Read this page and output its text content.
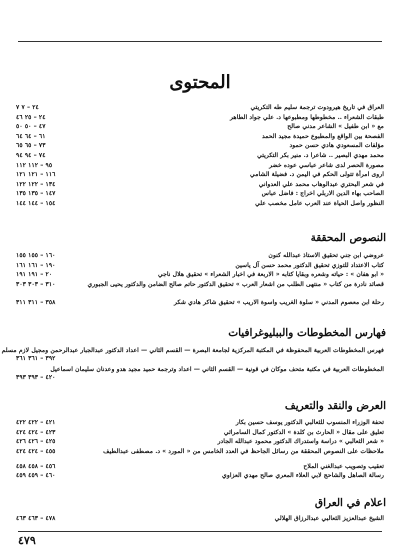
المحتوى
العراق في تاريخ هيرودوت ترجمة سليم طه التكريتي
٢٤ – ٧ ٧
طبقات الشعراء .. مخطوطها ومطبوعها د. علي جواد الطاهر
٢٤ – ٢٥ ٤٦
مع « ابن طفيل » الشاعر مدني صالح
٤٧ – ٥٠ ٥٠
الفصحة بين الواقع والمطبوع حميدة مجيد الحمد
٦١ – ٦٤ ٦٤
مؤلفات المسعودي هادي حسن حمود
٧٣ – ٦٥ ٦٥
محمد مهدي البصير .. شاعرا د. منير بكر التكريتي
٧٤ – ٩٤ ٩٤
مصورة الحصر لدى شاعر عباسي عوده خضر
٩٥ – ١١٢ ١١٢
اروى امرأة تتولى الحكم في اليمن د. فضيلة الشامي
١١٦ – ١٢١ ١٢١
في شعر البحتري عبدالوهاب محمد علي العدواني
١٣٤ – ١٢٢ ١٢٢
الصاحب بهاء الدين الاربلي اخراج : فاضل عباس
١٤٧ – ١٣٥ ١٣٥
النظور واصل الحياة عند العرب عامل مخصب علي
١٥٤ – ١٤٤ ١٤٤
النصوص المحققة
عروضي ابن جني تحقيق الاستاذ عبدالله كنون
١٦٠ – ١٥٥ ١٥٥
كتاب الاعتداد للتوزي تحقيق الدكتور محمد حسن آل ياسين
١٩٠ – ١٦١ ١٦١
« ابو هفان » : حياته وشعره وبقايا كتابه « الاربعة في اخبار الشعراء » تحقيق هلال ناجي
٢٠ – ١٩١ ١٩١
قصائد نادرة من كتاب « منتهى الطلب من اشعار العرب » تحقيق الدكتور حاتم صالح الضامن والدكتور يحيى الجبوري
٣١٠ – ٣٠٣ ٣٠٣
رحلة ابن معصوم المدني « سلوة الغريب واسوة الاريب » تحقيق شاكر هادي شكر
٣٥٨ – ٣١١ ٣١١
فهارس المخطوطات والببليوغرافيات
فهرس المخطوطات العربية المحفوظة في المكتبة المركزية لجامعة البصرة — القسم الثاني — اعداد الدكتور عبدالجبار عبدالرحمن ومجيل لازم مسلم
٣٩٢ – ٣٦١ ٣٦١
المخطوطات العربية في مكتبة متحف موكان في قونية — القسم الثاني — اعداد وترجمة حميد مجيد هدو وعدنان سليمان اسماعيل
٤٢٠ – ٣٩٣ ٣٩٣
العرض والنقد والتعريف
تحفة الوزراء المنسوب للثعالبي الدكتور يوسف حسين بكار
٤٢١ – ٤٢٢ ٤٢٢
تعليق على مقال « الحارث بن كلدة » الدكتور كمال السامرائي
٤٢٣ – ٤٢٤ ٤٢٤
« شعر الثعالبي » دراسة واستدراك الدكتور محمود عبدالله الجادر
٤٢٥ – ٤٢٦ ٤٢٦
ملاحظات على النصوص المحققة من رسائل الجاحظ في العدد الخامس من « المورد » د. مصطفى عبدالطيف
٤٥٥ – ٤٢٤ ٤٢٤
تعقيب وتصويب عبدالغني الملاح
٤٥٦ – ٤٥٨ ٤٥٨
رسالة الصاهل والشاحج لابي العلاء المعري صالح مهدي العزاوي
٤٦٠ – ٤٥٩ ٤٥٩
اعلام في العراق
الشيخ عبدالعزيز الثعالبي عبدالرزاق الهلالي
٤٧٨ – ٤٦٣ ٤٦٣
٤٧٩
